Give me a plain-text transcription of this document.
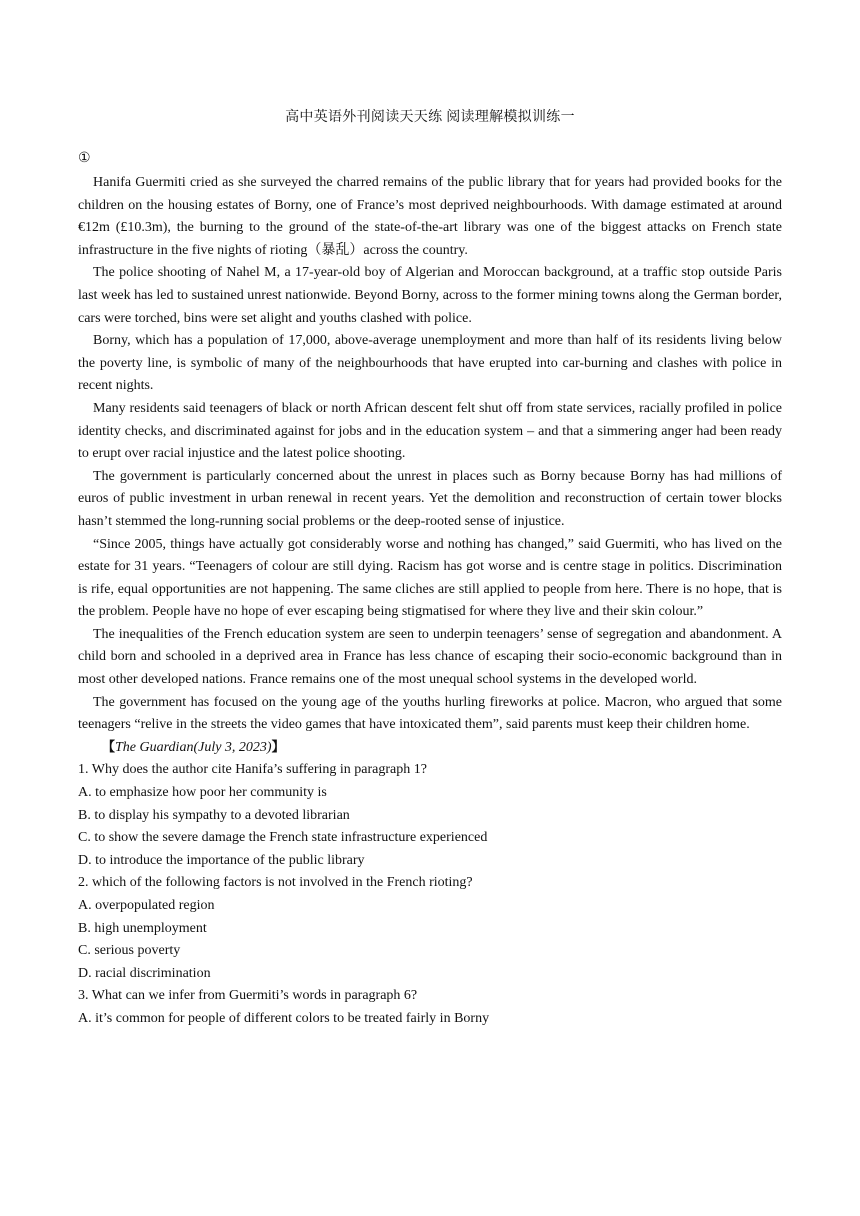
高中英语外刊阅读天天练 阅读理解模拟训练一
①

Hanifa Guermiti cried as she surveyed the charred remains of the public library that for years had provided books for the children on the housing estates of Borny, one of France’s most deprived neighbourhoods. With damage estimated at around €12m (£10.3m), the burning to the ground of the state-of-the-art library was one of the biggest attacks on French state infrastructure in the five nights of rioting（暴乱）across the country.

The police shooting of Nahel M, a 17-year-old boy of Algerian and Moroccan background, at a traffic stop outside Paris last week has led to sustained unrest nationwide. Beyond Borny, across to the former mining towns along the German border, cars were torched, bins were set alight and youths clashed with police.

Borny, which has a population of 17,000, above-average unemployment and more than half of its residents living below the poverty line, is symbolic of many of the neighbourhoods that have erupted into car-burning and clashes with police in recent nights.

Many residents said teenagers of black or north African descent felt shut off from state services, racially profiled in police identity checks, and discriminated against for jobs and in the education system – and that a simmering anger had been ready to erupt over racial injustice and the latest police shooting.

The government is particularly concerned about the unrest in places such as Borny because Borny has had millions of euros of public investment in urban renewal in recent years. Yet the demolition and reconstruction of certain tower blocks hasn’t stemmed the long-running social problems or the deep-rooted sense of injustice.

“Since 2005, things have actually got considerably worse and nothing has changed,” said Guermiti, who has lived on the estate for 31 years. “Teenagers of colour are still dying. Racism has got worse and is centre stage in politics. Discrimination is rife, equal opportunities are not happening. The same cliches are still applied to people from here. There is no hope, that is the problem. People have no hope of ever escaping being stigmatised for where they live and their skin colour.”

The inequalities of the French education system are seen to underpin teenagers’ sense of segregation and abandonment. A child born and schooled in a deprived area in France has less chance of escaping their socio-economic background than in most other developed nations. France remains one of the most unequal school systems in the developed world.

The government has focused on the young age of the youths hurling fireworks at police. Macron, who argued that some teenagers “relive in the streets the video games that have intoxicated them”, said parents must keep their children home.

【The Guardian(July 3, 2023)】

1. Why does the author cite Hanifa’s suffering in paragraph 1?

A. to emphasize how poor her community is

B. to display his sympathy to a devoted librarian

C. to show the severe damage the French state infrastructure experienced

D. to introduce the importance of the public library

2. which of the following factors is not involved in the French rioting?

A. overpopulated region

B. high unemployment

C. serious poverty

D. racial discrimination

3. What can we infer from Guermiti’s words in paragraph 6?

A. it’s common for people of different colors to be treated fairly in Borny
